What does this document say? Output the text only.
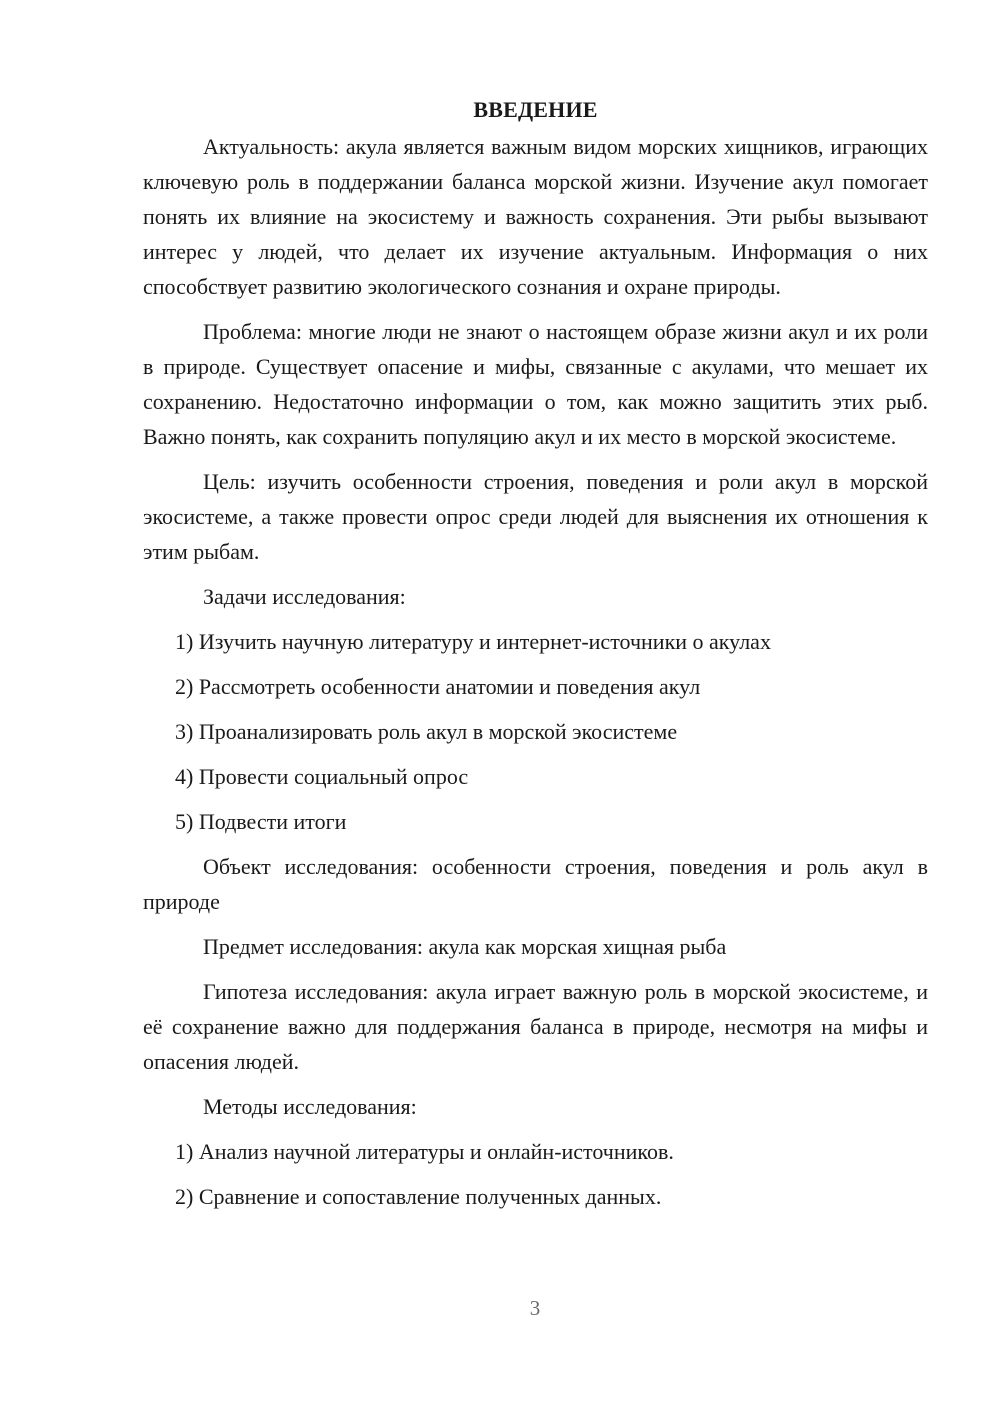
ВВЕДЕНИЕ

Актуальность: акула является важным видом морских хищников, играющих ключевую роль в поддержании баланса морской жизни. Изучение акул помогает понять их влияние на экосистему и важность сохранения. Эти рыбы вызывают интерес у людей, что делает их изучение актуальным. Информация о них способствует развитию экологического сознания и охране природы.

Проблема: многие люди не знают о настоящем образе жизни акул и их роли в природе. Существует опасение и мифы, связанные с акулами, что мешает их сохранению. Недостаточно информации о том, как можно защитить этих рыб. Важно понять, как сохранить популяцию акул и их место в морской экосистеме.

Цель: изучить особенности строения, поведения и роли акул в морской экосистеме, а также провести опрос среди людей для выяснения их отношения к этим рыбам.

Задачи исследования:

1) Изучить научную литературу и интернет-источники о акулах
2) Рассмотреть особенности анатомии и поведения акул
3) Проанализировать роль акул в морской экосистеме
4) Провести социальный опрос
5) Подвести итоги

Объект исследования: особенности строения, поведения и роль акул в природе

Предмет исследования: акула как морская хищная рыба

Гипотеза исследования: акула играет важную роль в морской экосистеме, и её сохранение важно для поддержания баланса в природе, несмотря на мифы и опасения людей.

Методы исследования:

1) Анализ научной литературы и онлайн-источников.
2) Сравнение и сопоставление полученных данных.
3
